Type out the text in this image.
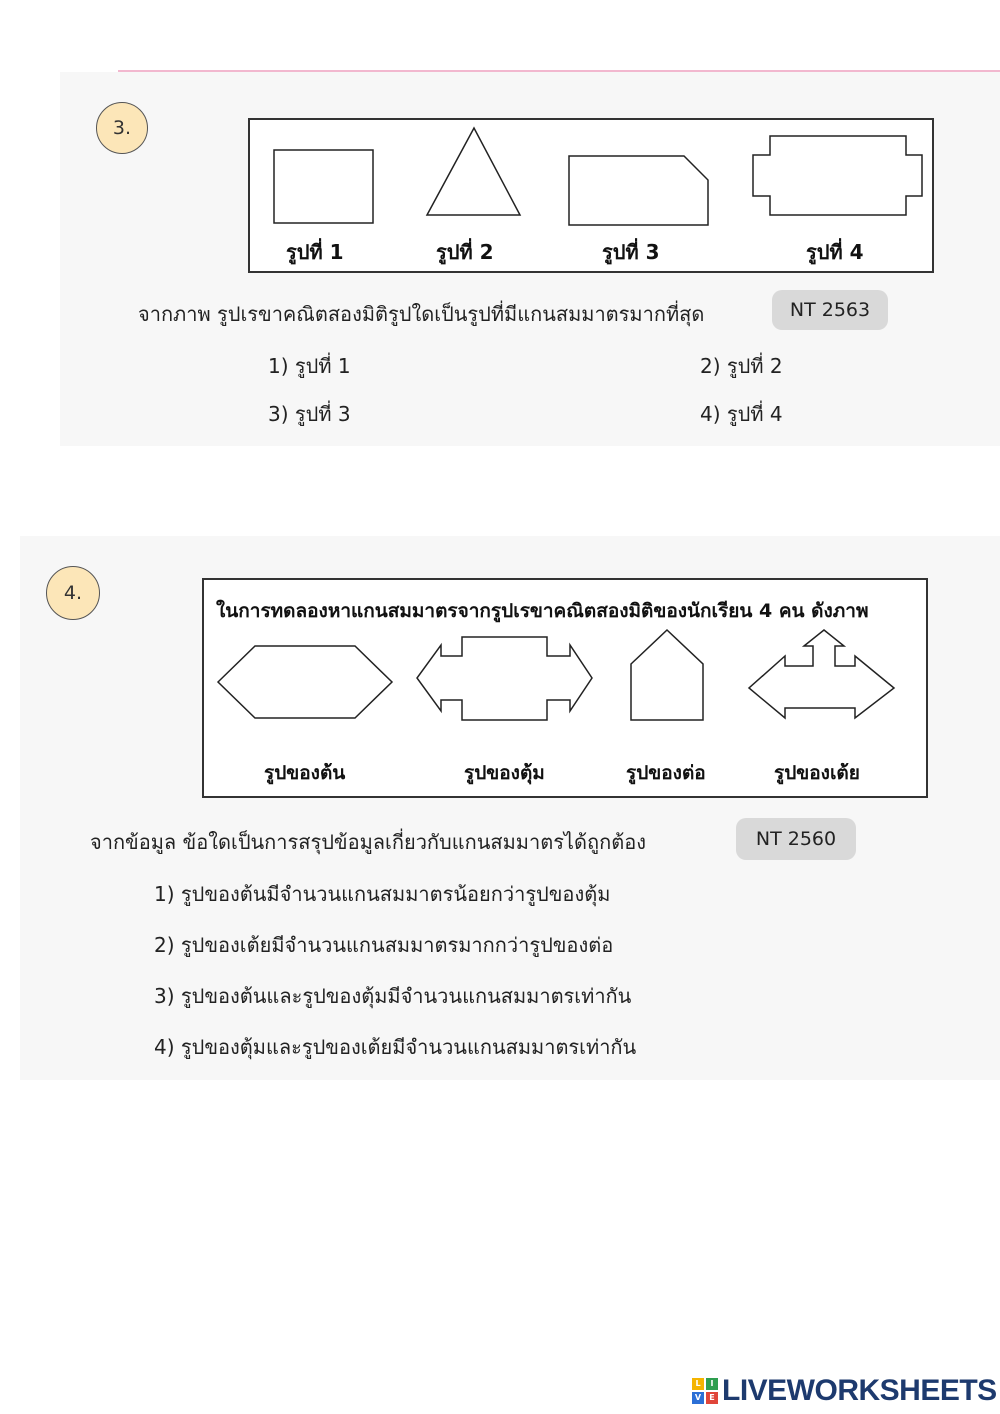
3.
รูปที่ 1	รูปที่ 2	รูปที่ 3	รูปที่ 4
จากภาพ รูปเรขาคณิตสองมิติรูปใดเป็นรูปที่มีแกนสมมาตรมากที่สุด	NT 2563
1) รูปที่ 1	2) รูปที่ 2
3) รูปที่ 3	4) รูปที่ 4
4.
ในการทดลองหาแกนสมมาตรจากรูปเรขาคณิตสองมิติของนักเรียน 4 คน ดังภาพ
รูปของต้น	รูปของตุ้ม	รูปของต่อ	รูปของเต้ย
จากข้อมูล ข้อใดเป็นการสรุปข้อมูลเกี่ยวกับแกนสมมาตรได้ถูกต้อง	NT 2560
1) รูปของต้นมีจำนวนแกนสมมาตรน้อยกว่ารูปของตุ้ม
2) รูปของเต้ยมีจำนวนแกนสมมาตรมากกว่ารูปของต่อ
3) รูปของต้นและรูปของตุ้มมีจำนวนแกนสมมาตรเท่ากัน
4) รูปของตุ้มและรูปของเต้ยมีจำนวนแกนสมมาตรเท่ากัน
L	I
V	E LIVEWORKSHEETS
